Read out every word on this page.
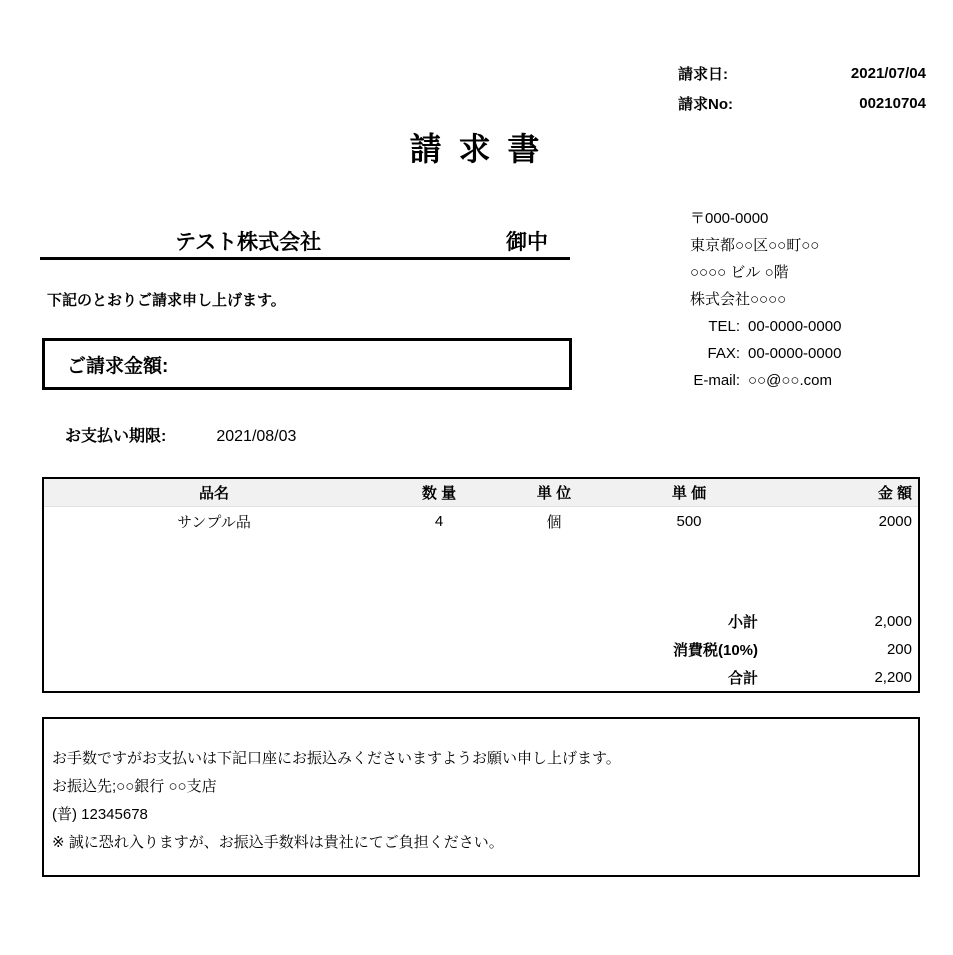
請求日:	2021/07/04
請求No:	00210704
請 求 書
テスト株式会社	御中
〒000-0000
東京都○○区○○町○○
○○○○ ビル ○階
株式会社○○○○
TEL: 00-0000-0000
FAX: 00-0000-0000
E-mail: ○○@○○.com
下記のとおりご請求申し上げます。
ご請求金額:
お支払い期限:	2021/08/03
品名	数 量	単 位	単 価	金 額
サンプル品	4	個	500	2000
小計	2,000
消費税(10%)	200
合計	2,200
お手数ですがお支払いは下記口座にお振込みくださいますようお願い申し上げます。
お振込先;○○銀行 ○○支店
(普) 12345678
※ 誠に恐れ入りますが、お振込手数料は貴社にてご負担ください。
